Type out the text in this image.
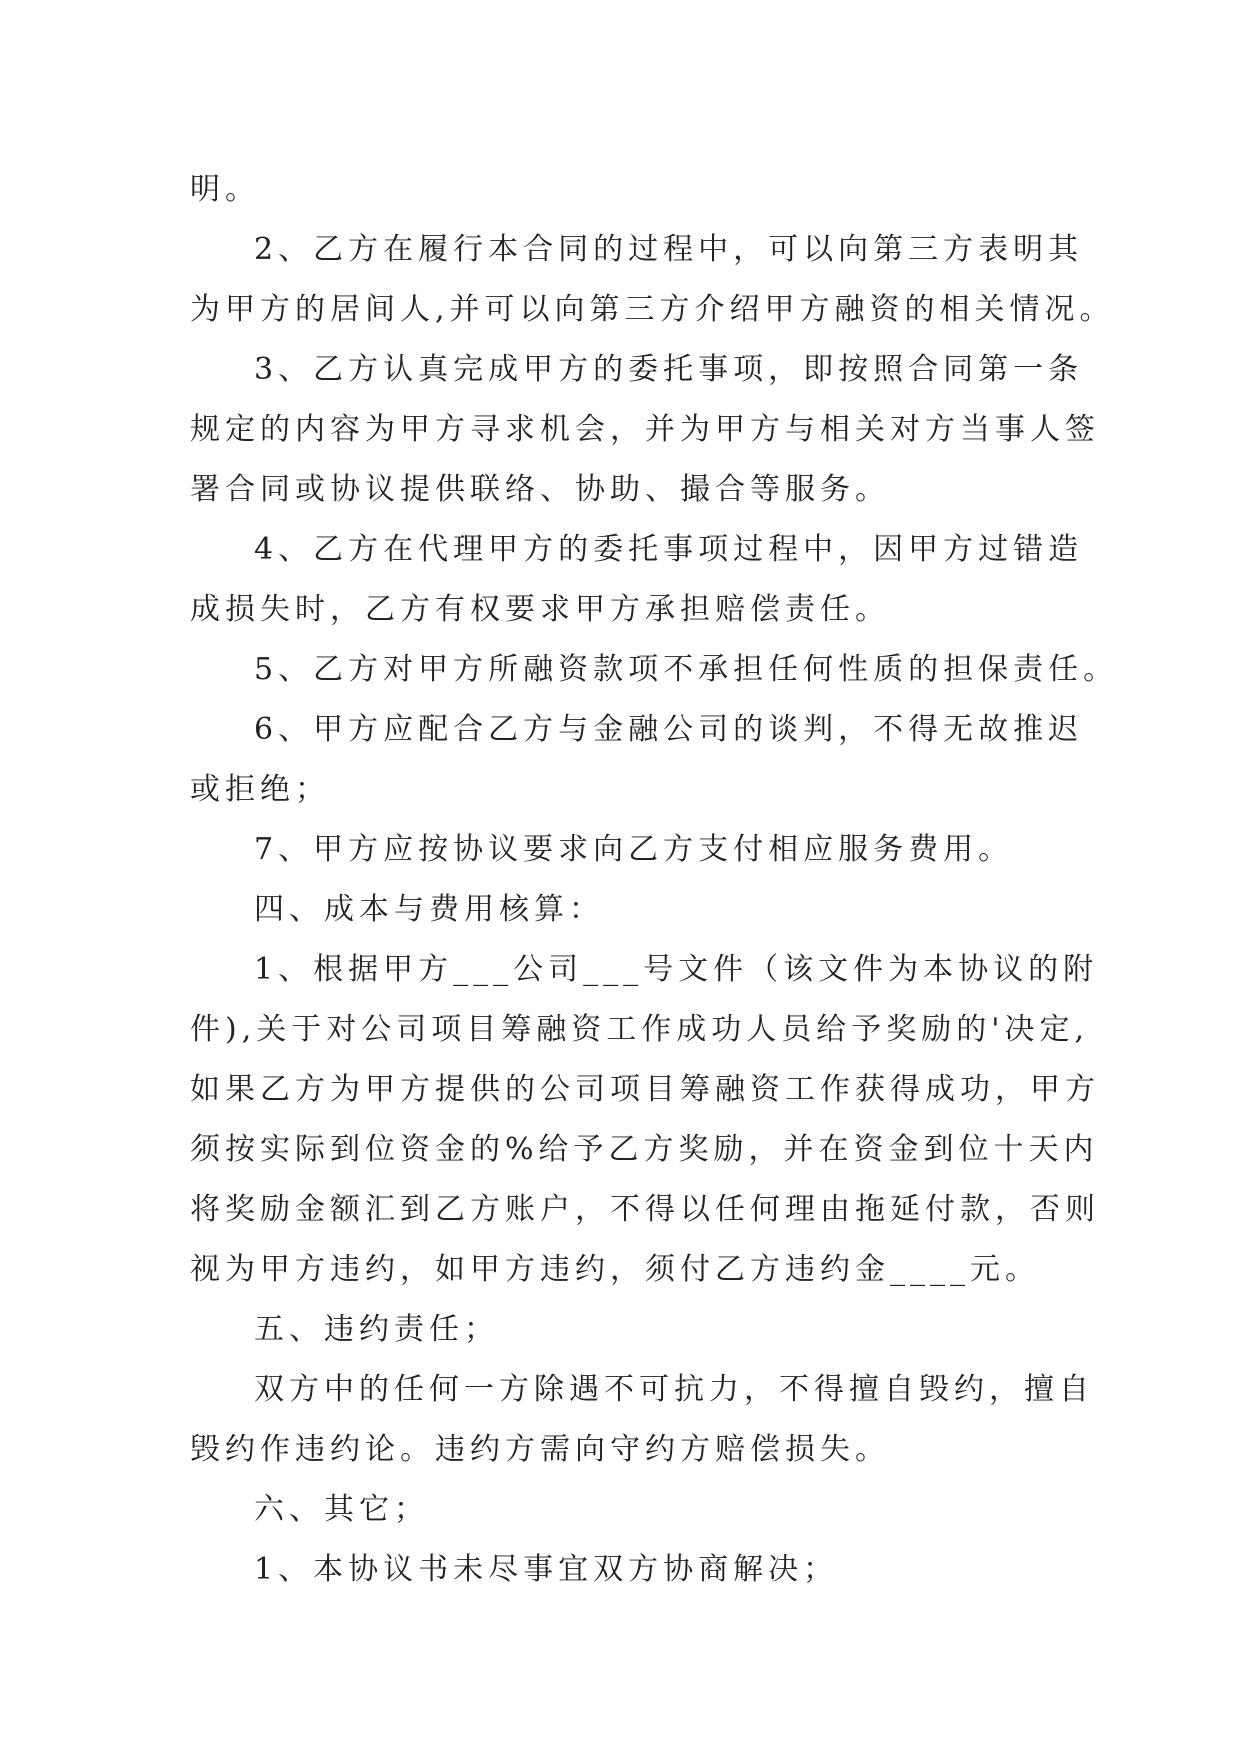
明。
2、乙方在履行本合同的过程中，可以向第三方表明其
为甲方的居间人,并可以向第三方介绍甲方融资的相关情况。
3、乙方认真完成甲方的委托事项，即按照合同第一条
规定的内容为甲方寻求机会，并为甲方与相关对方当事人签
署合同或协议提供联络、协助、撮合等服务。
4、乙方在代理甲方的委托事项过程中，因甲方过错造
成损失时，乙方有权要求甲方承担赔偿责任。
5、乙方对甲方所融资款项不承担任何性质的担保责任。
6、甲方应配合乙方与金融公司的谈判，不得无故推迟
或拒绝；
7、甲方应按协议要求向乙方支付相应服务费用。
四、成本与费用核算：
1、根据甲方___公司___号文件（该文件为本协议的附
件),关于对公司项目筹融资工作成功人员给予奖励的'决定,
如果乙方为甲方提供的公司项目筹融资工作获得成功，甲方
须按实际到位资金的%给予乙方奖励，并在资金到位十天内
将奖励金额汇到乙方账户，不得以任何理由拖延付款，否则
视为甲方违约，如甲方违约，须付乙方违约金____元。
五、违约责任；
双方中的任何一方除遇不可抗力，不得擅自毁约，擅自
毁约作违约论。违约方需向守约方赔偿损失。
六、其它；
1、本协议书未尽事宜双方协商解决；
